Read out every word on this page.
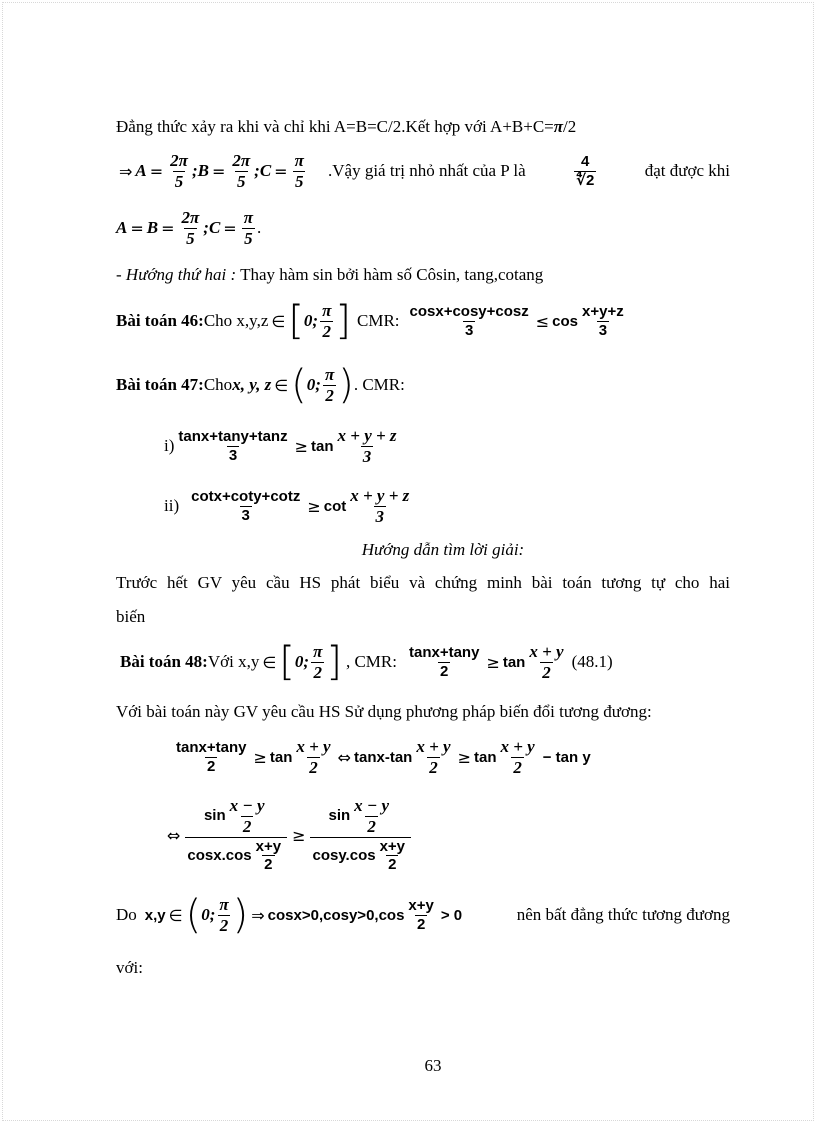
Đẳng thức xảy ra khi và chỉ khi A=B=C/2.Kết hợp với A+B+C=π/2
⇒ $A = \frac{2\pi}{5}$ ; $B = \frac{2\pi}{5}$ ; $C = \frac{\pi}{5}$ .Vậy giá trị nhỏ nhất của P là	$\frac{4}{∜2}$	đạt được khi
$A = B = \frac{2\pi}{5}$ ; $C = \frac{\pi}{5}$ .
- Hướng thứ hai : Thay hàm sin bởi hàm số Côsin, tang,cotang
Bài toán 46: Cho x,y,z ∈ [ 0; $\frac{\pi}{2}$ ] CMR: $\frac{\cos x+\cos y+\cos z}{3} \le \cos \frac{x+y+z}{3}$
Bài toán 47: Cho x, y, z ∈ ( 0; $\frac{\pi}{2}$ ) . CMR:
$i) \frac{\tan x+\tan y+\tan z}{3} \ge \tan \frac{x + y + z}{3}$
$ii) \frac{\cot x+\cot y+\cot z}{3} \ge \cot \frac{x + y + z}{3}$
Hướng dẫn tìm lời giải:
Trước hết GV yêu cầu HS phát biểu và chứng minh bài toán tương tự cho hai
biến
Bài toán 48: Với x,y ∈ [ 0; $\frac{\pi}{2}$ ] , CMR: $\frac{\tan x+\tan y}{2} \ge \tan \frac{x + y}{2} (48.1)$
Với bài toán này GV yêu cầu HS Sử dụng phương pháp biến đổi tương đương:
$\frac{\tan x+\tan y}{2} \ge \tan \frac{x + y}{2}$ ⇔ $\tan x-\tan \frac{x + y}{2} \ge \tan \frac{x + y}{2} - \tan y$
⇔ $\frac{\sin \frac{x - y}{2}}{\cos x.\cos \frac{x+y}{2}} \ge \frac{\sin \frac{x - y}{2}}{\cos y.\cos \frac{x+y}{2}}$
Do x,y ∈ ( 0; $\frac{\pi}{2}$ ) ⇒ $\cos x>0,\cos y>0,\cos \frac{x+y}{2} > 0$	nên bất đẳng thức tương đương
với:
63
